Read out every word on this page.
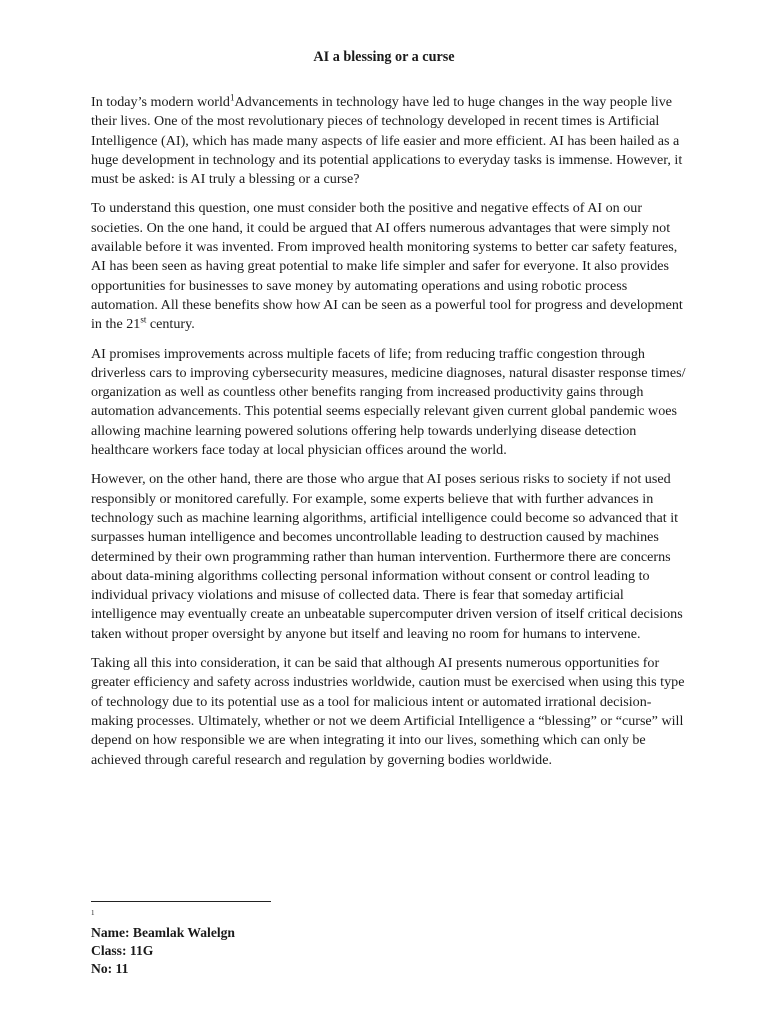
AI a blessing or a curse

In today’s modern world$^1$Advancements in technology have led to huge changes in the way people live their lives. One of the most revolutionary pieces of technology developed in recent times is Artificial Intelligence (AI), which has made many aspects of life easier and more efficient. AI has been hailed as a huge development in technology and its potential applications to everyday tasks is immense. However, it must be asked: is AI truly a blessing or a curse?

To understand this question, one must consider both the positive and negative effects of AI on our societies. On the one hand, it could be argued that AI offers numerous advantages that were simply not available before it was invented. From improved health monitoring systems to better car safety features, AI has been seen as having great potential to make life simpler and safer for everyone. It also provides opportunities for businesses to save money by automating operations and using robotic process automation. All these benefits show how AI can be seen as a powerful tool for progress and development in the 21st century.

AI promises improvements across multiple facets of life; from reducing traffic congestion through driverless cars to improving cybersecurity measures, medicine diagnoses, natural disaster response times/ organization as well as countless other benefits ranging from increased productivity gains through automation advancements. This potential seems especially relevant given current global pandemic woes allowing machine learning powered solutions offering help towards underlying disease detection healthcare workers face today at local physician offices around the world.

However, on the other hand, there are those who argue that AI poses serious risks to society if not used responsibly or monitored carefully. For example, some experts believe that with further advances in technology such as machine learning algorithms, artificial intelligence could become so advanced that it surpasses human intelligence and becomes uncontrollable leading to destruction caused by machines determined by their own programming rather than human intervention. Furthermore there are concerns about data-mining algorithms collecting personal information without consent or control leading to individual privacy violations and misuse of collected data. There is fear that someday artificial intelligence may eventually create an unbeatable supercomputer driven version of itself critical decisions taken without proper oversight by anyone but itself and leaving no room for humans to intervene.

Taking all this into consideration, it can be said that although AI presents numerous opportunities for greater efficiency and safety across industries worldwide, caution must be exercised when using this type of technology due to its potential use as a tool for malicious intent or automated irrational decision-making processes. Ultimately, whether or not we deem Artificial Intelligence a “blessing” or “curse” will depend on how responsible we are when integrating it into our lives, something which can only be achieved through careful research and regulation by governing bodies worldwide.

1
Name: Beamlak Walelgn
Class: 11G
No: 11
